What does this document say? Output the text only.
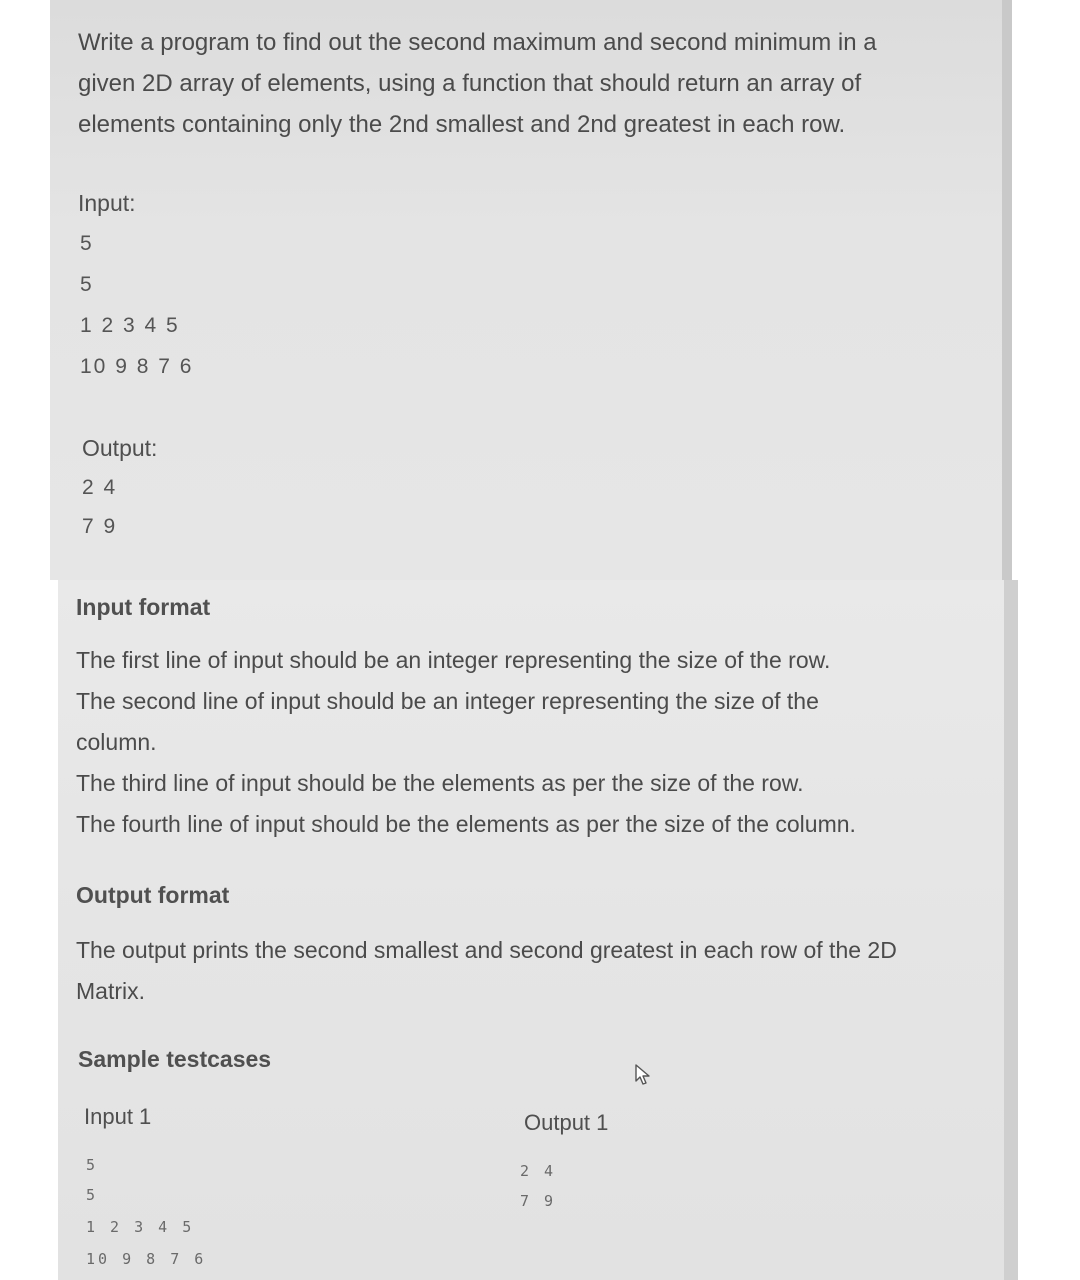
Write a program to find out the second maximum and second minimum in a
given 2D array of elements, using a function that should return an array of
elements containing only the 2nd smallest and 2nd greatest in each row.
Input:
5
5
1 2 3 4 5
10 9 8 7 6
Output:
2 4
7 9
Input format

The first line of input should be an integer representing the size of the row.

The second line of input should be an integer representing the size of the

column.

The third line of input should be the elements as per the size of the row.

The fourth line of input should be the elements as per the size of the column.

Output format

The output prints the second smallest and second greatest in each row of the 2D

Matrix.

Sample testcases
Input 1
5
5
1 2 3 4 5
10 9 8 7 6
Output 1
2 4
7 9
